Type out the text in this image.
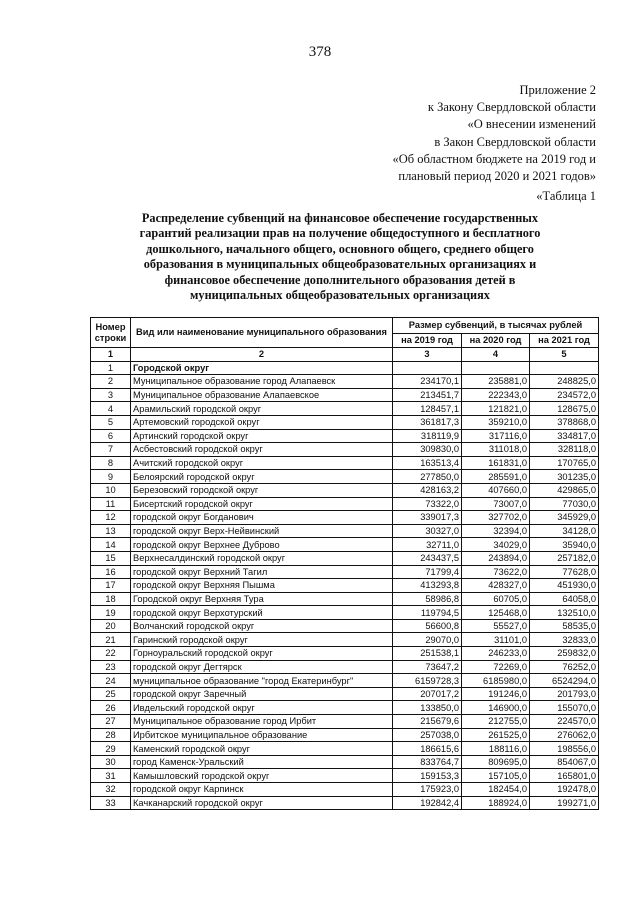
378
Приложение 2
к Закону Свердловской области
«О внесении изменений
в Закон Свердловской области
«Об областном бюджете на 2019 год и
плановый период 2020 и 2021 годов»
«Таблица 1
Распределение субвенций на финансовое обеспечение государственных гарантий реализации прав на получение общедоступного и бесплатного дошкольного, начального общего, основного общего, среднего общего образования в муниципальных общеобразовательных организациях и финансовое обеспечение дополнительного образования детей в муниципальных общеобразовательных организациях
Номер строки	Вид или наименование муниципального образования	Размер субвенций, в тысячах рублей		
		на 2019 год	на 2020 год	на 2021 год
1	2	3	4	5
1	Городской округ			
2	Муниципальное образование город Алапаевск	234170,1	235881,0	248825,0
3	Муниципальное образование Алапаевское	213451,7	222343,0	234572,0
4	Арамильский городской округ	128457,1	121821,0	128675,0
5	Артемовский городской округ	361817,3	359210,0	378868,0
6	Артинский городской округ	318119,9	317116,0	334817,0
7	Асбестовский городской округ	309830,0	311018,0	328118,0
8	Ачитский городской округ	163513,4	161831,0	170765,0
9	Белоярский городской округ	277850,0	285591,0	301235,0
10	Березовский городской округ	428163,2	407660,0	429865,0
11	Бисертский городской округ	73322,0	73007,0	77030,0
12	городской округ Богданович	339017,3	327702,0	345929,0
13	городской округ Верх-Нейвинский	30327,0	32394,0	34128,0
14	городской округ Верхнее Дуброво	32711,0	34029,0	35940,0
15	Верхнесалдинский городской округ	243437,5	243894,0	257182,0
16	городской округ Верхний Тагил	71799,4	73622,0	77628,0
17	городской округ Верхняя Пышма	413293,8	428327,0	451930,0
18	Городской округ Верхняя Тура	58986,8	60705,0	64058,0
19	городской округ Верхотурский	119794,5	125468,0	132510,0
20	Волчанский городской округ	56600,8	55527,0	58535,0
21	Гаринский городской округ	29070,0	31101,0	32833,0
22	Горноуральский городской округ	251538,1	246233,0	259832,0
23	городской округ Дегтярск	73647,2	72269,0	76252,0
24	муниципальное образование "город Екатеринбург"	6159728,3	6185980,0	6524294,0
25	городской округ Заречный	207017,2	191246,0	201793,0
26	Ивдельский городской округ	133850,0	146900,0	155070,0
27	Муниципальное образование город Ирбит	215679,6	212755,0	224570,0
28	Ирбитское муниципальное образование	257038,0	261525,0	276062,0
29	Каменский городской округ	186615,6	188116,0	198556,0
30	город Каменск-Уральский	833764,7	809695,0	854067,0
31	Камышловский городской округ	159153,3	157105,0	165801,0
32	городской округ Карпинск	175923,0	182454,0	192478,0
33	Качканарский городской округ	192842,4	188924,0	199271,0
